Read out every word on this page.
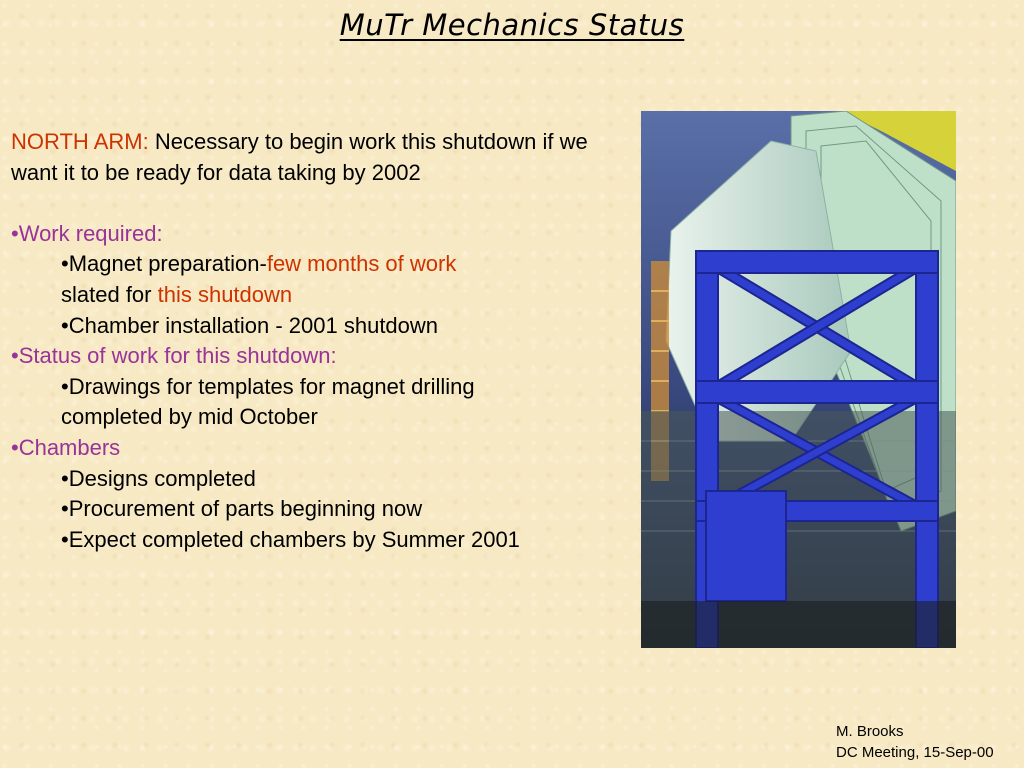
MuTr Mechanics Status

NORTH ARM: Necessary to begin work this shutdown if we want it to be ready for data taking by 2002

•Work required:

•Magnet preparation-few months of work

slated for this shutdown

•Chamber installation - 2001 shutdown

•Status of work for this shutdown:

•Drawings for templates for magnet drilling

completed by mid October

•Chambers

•Designs completed

•Procurement of parts beginning now

•Expect completed chambers by Summer 2001

M. Brooks
DC Meeting, 15-Sep-00
